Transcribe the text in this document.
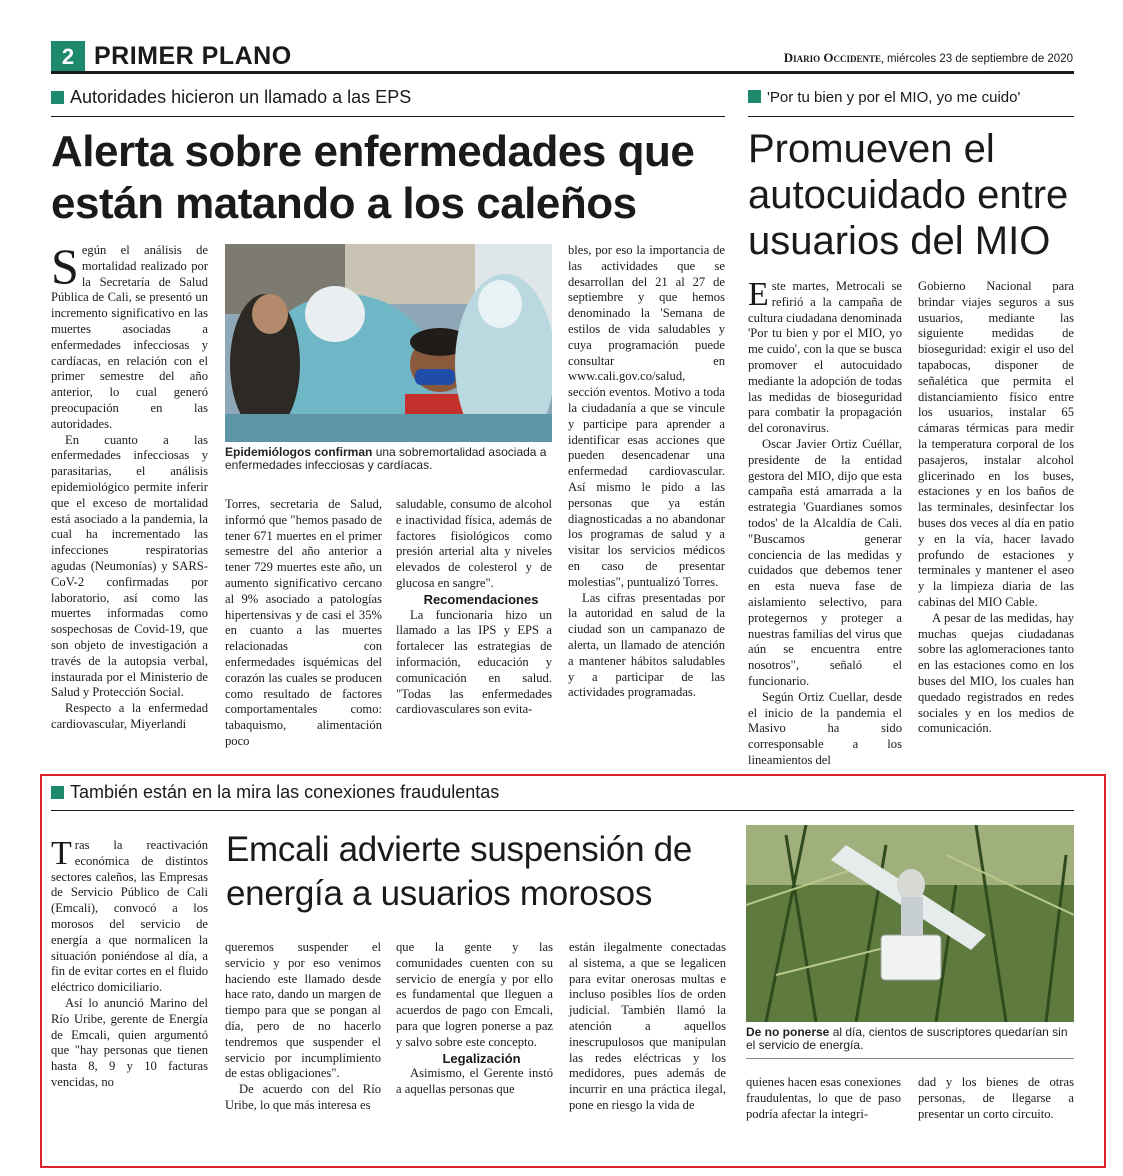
2 PRIMER PLANO	Diario Occidente, miércoles 23 de septiembre de 2020
Autoridades hicieron un llamado a las EPS
Alerta sobre enfermedades que están matando a los caleños

Según el análisis de mortalidad realizado por la Secretaría de Salud Pública de Cali, se presentó un incremento significativo en las muertes asociadas a enfermedades infecciosas y cardíacas, en relación con el primer semestre del año anterior, lo cual generó preocupación en las autoridades.

En cuanto a las enfermedades infecciosas y parasitarias, el análisis epidemiológico permite inferir que el exceso de mortalidad está asociado a la pandemia, la cual ha incrementado las infecciones respiratorias agudas (Neumonías) y SARS-CoV-2 confirmadas por laboratorio, así como las muertes informadas como sospechosas de Covid-19, que son objeto de investigación a través de la autopsia verbal, instaurada por el Ministerio de Salud y Protección Social.

Respecto a la enfermedad cardiovascular, Miyerlandi

Epidemiólogos confirman una sobremortalidad asociada a enfermedades infecciosas y cardíacas.

Torres, secretaria de Salud, informó que "hemos pasado de tener 671 muertes en el primer semestre del año anterior a tener 729 muertes este año, un aumento significativo cercano al 9% asociado a patologías hipertensivas y de casi el 35% en cuanto a las muertes relacionadas con enfermedades isquémicas del corazón las cuales se producen como resultado de factores comportamentales como: tabaquismo, alimentación poco

saludable, consumo de alcohol e inactividad física, además de factores fisiológicos como presión arterial alta y niveles elevados de colesterol y de glucosa en sangre".

Recomendaciones

La funcionaria hizo un llamado a las IPS y EPS a fortalecer las estrategias de información, educación y comunicación en salud. "Todas las enfermedades cardiovasculares son evita-

bles, por eso la importancia de las actividades que se desarrollan del 21 al 27 de septiembre y que hemos denominado la 'Semana de estilos de vida saludables y cuya programación puede consultar en www.cali.gov.co/salud, sección eventos. Motivo a toda la ciudadanía a que se vincule y participe para aprender a identificar esas acciones que pueden desencadenar una enfermedad cardiovascular. Así mismo le pido a las personas que ya están diagnosticadas a no abandonar los programas de salud y a visitar los servicios médicos en caso de presentar molestias", puntualizó Torres.

Las cifras presentadas por la autoridad en salud de la ciudad son un campanazo de alerta, un llamado de atención a mantener hábitos saludables y a participar de las actividades programadas.

'Por tu bien y por el MIO, yo me cuido'
Promueven el autocuidado entre usuarios del MIO

Este martes, Metrocali se refirió a la campaña de cultura ciudadana denominada 'Por tu bien y por el MIO, yo me cuido', con la que se busca promover el autocuidado mediante la adopción de todas las medidas de bioseguridad para combatir la propagación del coronavirus.

Oscar Javier Ortiz Cuéllar, presidente de la entidad gestora del MIO, dijo que esta campaña está amarrada a la estrategia 'Guardianes somos todos' de la Alcaldía de Cali. "Buscamos generar conciencia de las medidas y cuidados que debemos tener en esta nueva fase de aislamiento selectivo, para protegernos y proteger a nuestras familias del virus que aún se encuentra entre nosotros", señaló el funcionario.

Según Ortiz Cuellar, desde el inicio de la pandemia el Masivo ha sido corresponsable a los lineamientos del

Gobierno Nacional para brindar viajes seguros a sus usuarios, mediante las siguiente medidas de bioseguridad: exigir el uso del tapabocas, disponer de señalética que permita el distanciamiento físico entre los usuarios, instalar 65 cámaras térmicas para medir la temperatura corporal de los pasajeros, instalar alcohol glicerinado en los buses, estaciones y en los baños de las terminales, desinfectar los buses dos veces al día en patio y en la vía, hacer lavado profundo de estaciones y terminales y mantener el aseo y la limpieza diaria de las cabinas del MIO Cable.

A pesar de las medidas, hay muchas quejas ciudadanas sobre las aglomeraciones tanto en las estaciones como en los buses del MIO, los cuales han quedado registrados en redes sociales y en los medios de comunicación.

También están en la mira las conexiones fraudulentas

Tras la reactivación económica de distintos sectores caleños, las Empresas de Servicio Público de Cali (Emcali), convocó a los morosos del servicio de energía a que normalicen la situación poniéndose al día, a fin de evitar cortes en el fluido eléctrico domiciliario.

Así lo anunció Marino del Río Uribe, gerente de Energía de Emcali, quien argumentó que "hay personas que tienen hasta 8, 9 y 10 facturas vencidas, no

Emcali advierte suspensión de energía a usuarios morosos

queremos suspender el servicio y por eso venimos haciendo este llamado desde hace rato, dando un margen de tiempo para que se pongan al día, pero de no hacerlo tendremos que suspender el servicio por incumplimiento de estas obligaciones".

De acuerdo con del Río Uribe, lo que más interesa es

que la gente y las comunidades cuenten con su servicio de energía y por ello es fundamental que lleguen a acuerdos de pago con Emcali, para que logren ponerse a paz y salvo sobre este concepto.

Legalización

Asimismo, el Gerente instó a aquellas personas que

están ilegalmente conectadas al sistema, a que se legalicen para evitar onerosas multas e incluso posibles líos de orden judicial. También llamó la atención a aquellos inescrupulosos que manipulan las redes eléctricas y los medidores, pues además de incurrir en una práctica ilegal, pone en riesgo la vida de

De no ponerse al día, cientos de suscriptores quedarían sin el servicio de energía.

quienes hacen esas conexiones fraudulentas, lo que de paso podría afectar la integri-

dad y los bienes de otras personas, de llegarse a presentar un corto circuito.
